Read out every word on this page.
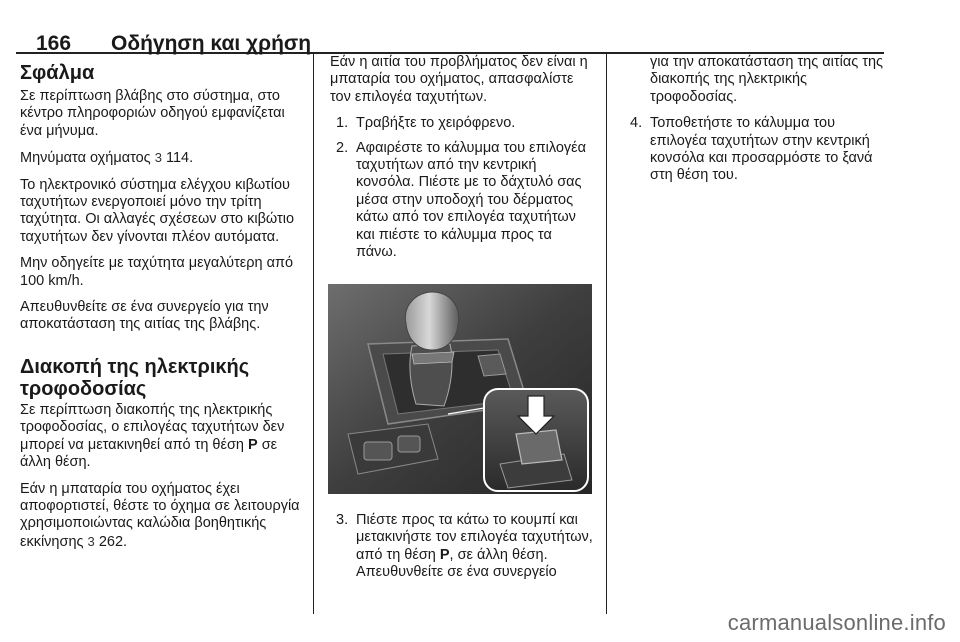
166 Οδήγηση και χρήση
Σφάλμα

Σε περίπτωση βλάβης στο σύστημα, στο κέντρο πληροφοριών οδηγού εμφανίζεται ένα μήνυμα.

Μηνύματα οχήματος 3 114.

Το ηλεκτρονικό σύστημα ελέγχου κιβωτίου ταχυτήτων ενεργοποιεί μόνο την τρίτη ταχύτητα. Οι αλλαγές σχέσεων στο κιβώτιο ταχυτήτων δεν γίνονται πλέον αυτόματα.

Μην οδηγείτε με ταχύτητα μεγαλύτερη από 100 km/h.

Απευθυνθείτε σε ένα συνεργείο για την αποκατάσταση της αιτίας της βλάβης.

Διακοπή της ηλεκτρικής τροφοδοσίας

Σε περίπτωση διακοπής της ηλεκτρικής τροφοδοσίας, ο επιλογέας ταχυτήτων δεν μπορεί να μετακινηθεί από τη θέση P σε άλλη θέση.

Εάν η μπαταρία του οχήματος έχει αποφορτιστεί, θέστε το όχημα σε λειτουργία χρησιμοποιώντας καλώδια βοηθητικής εκκίνησης 3 262.

Εάν η αιτία του προβλήματος δεν είναι η μπαταρία του οχήματος, απασφαλίστε τον επιλογέα ταχυτήτων.

1. Τραβήξτε το χειρόφρενο.
2. Αφαιρέστε το κάλυμμα του επιλογέα ταχυτήτων από την κεντρική κονσόλα. Πιέστε με το δάχτυλό σας μέσα στην υποδοχή του δέρματος κάτω από τον επιλογέα ταχυτήτων και πιέστε το κάλυμμα προς τα πάνω.
3. Πιέστε προς τα κάτω το κουμπί και μετακινήστε τον επιλογέα ταχυτήτων, από τη θέση P, σε άλλη θέση. Απευθυνθείτε σε ένα συνεργείο

για την αποκατάσταση της αιτίας της διακοπής της ηλεκτρικής τροφοδοσίας.

4. Τοποθετήστε το κάλυμμα του επιλογέα ταχυτήτων στην κεντρική κονσόλα και προσαρμόστε το ξανά στη θέση του.
carmanualsonline.info
